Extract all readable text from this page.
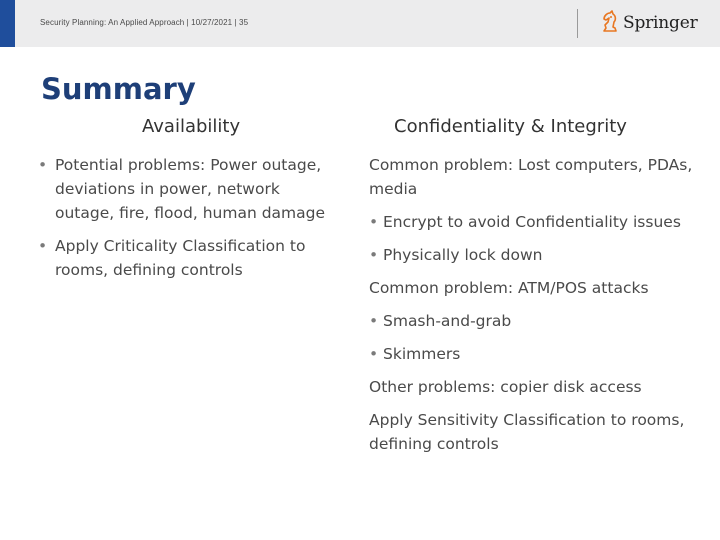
Security Planning: An Applied Approach | 10/27/2021 | 35	Springer
Summary
Availability	Confidentiality & Integrity
• Potential problems: Power outage, deviations in power, network outage, fire, flood, human damage
• Apply Criticality Classification to rooms, defining controls
Common problem: Lost computers, PDAs, media
• Encrypt to avoid Confidentiality issues
• Physically lock down
Common problem: ATM/POS attacks
• Smash-and-grab
• Skimmers
Other problems: copier disk access
Apply Sensitivity Classification to rooms, defining controls
